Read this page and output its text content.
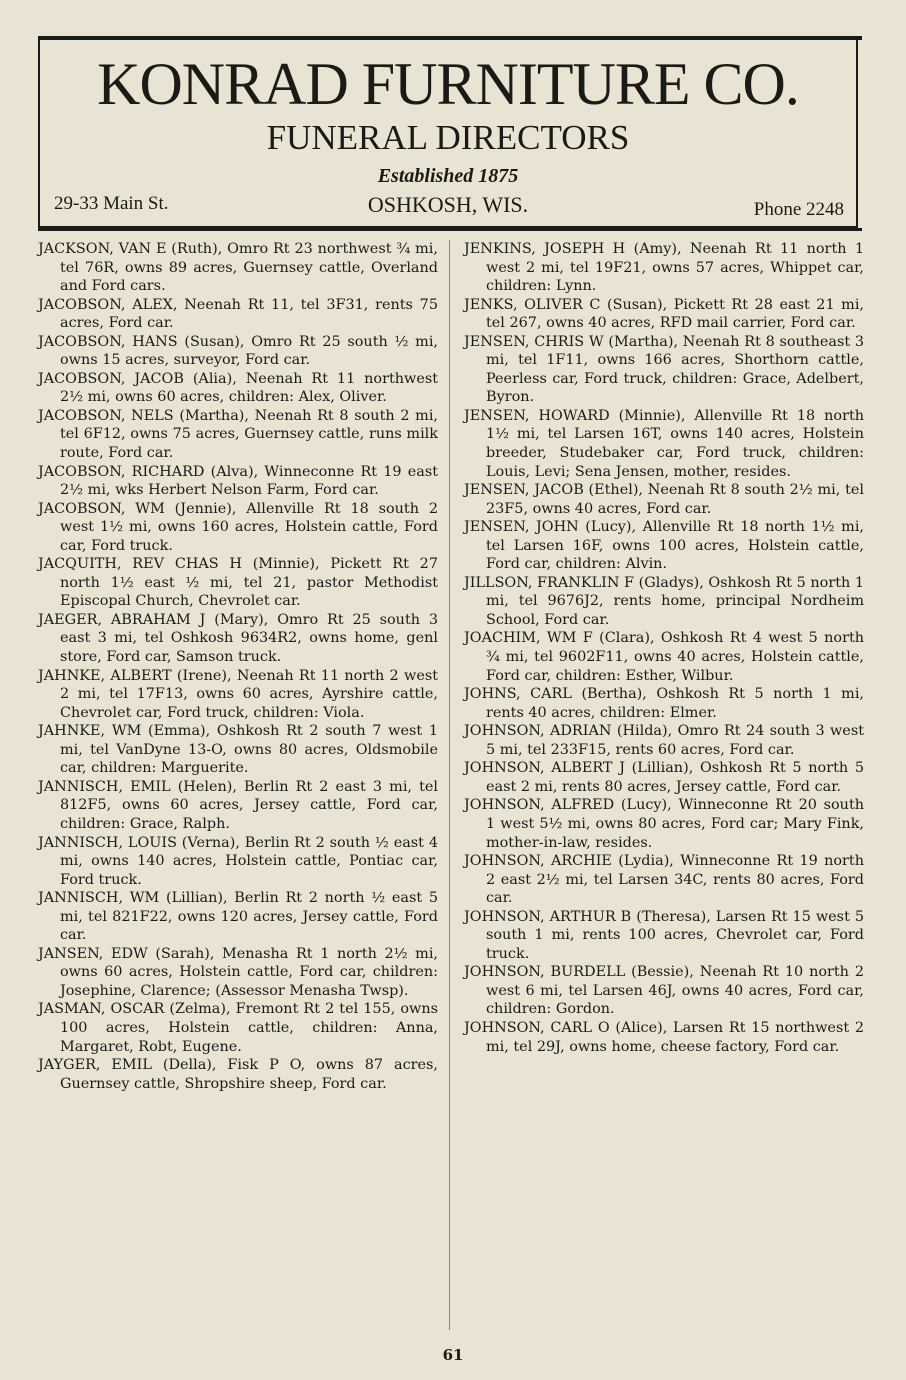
KONRAD FURNITURE CO.
FUNERAL DIRECTORS
Established 1875
OSHKOSH, WIS.
29-33 Main St.	Phone 2248

JACKSON, VAN E (Ruth), Omro Rt 23 northwest ¾ mi, tel 76R, owns 89 acres, Guernsey cattle, Overland and Ford cars.

JACOBSON, ALEX, Neenah Rt 11, tel 3F31, rents 75 acres, Ford car.

JACOBSON, HANS (Susan), Omro Rt 25 south ½ mi, owns 15 acres, surveyor, Ford car.

JACOBSON, JACOB (Alia), Neenah Rt 11 northwest 2½ mi, owns 60 acres, children: Alex, Oliver.

JACOBSON, NELS (Martha), Neenah Rt 8 south 2 mi, tel 6F12, owns 75 acres, Guernsey cattle, runs milk route, Ford car.

JACOBSON, RICHARD (Alva), Winneconne Rt 19 east 2½ mi, wks Herbert Nelson Farm, Ford car.

JACOBSON, WM (Jennie), Allenville Rt 18 south 2 west 1½ mi, owns 160 acres, Holstein cattle, Ford car, Ford truck.

JACQUITH, REV CHAS H (Minnie), Pickett Rt 27 north 1½ east ½ mi, tel 21, pastor Methodist Episcopal Church, Chevrolet car.

JAEGER, ABRAHAM J (Mary), Omro Rt 25 south 3 east 3 mi, tel Oshkosh 9634R2, owns home, genl store, Ford car, Samson truck.

JAHNKE, ALBERT (Irene), Neenah Rt 11 north 2 west 2 mi, tel 17F13, owns 60 acres, Ayrshire cattle, Chevrolet car, Ford truck, children: Viola.

JAHNKE, WM (Emma), Oshkosh Rt 2 south 7 west 1 mi, tel VanDyne 13-O, owns 80 acres, Oldsmobile car, children: Marguerite.

JANNISCH, EMIL (Helen), Berlin Rt 2 east 3 mi, tel 812F5, owns 60 acres, Jersey cattle, Ford car, children: Grace, Ralph.

JANNISCH, LOUIS (Verna), Berlin Rt 2 south ½ east 4 mi, owns 140 acres, Holstein cattle, Pontiac car, Ford truck.

JANNISCH, WM (Lillian), Berlin Rt 2 north ½ east 5 mi, tel 821F22, owns 120 acres, Jersey cattle, Ford car.

JANSEN, EDW (Sarah), Menasha Rt 1 north 2½ mi, owns 60 acres, Holstein cattle, Ford car, children: Josephine, Clarence; (Assessor Menasha Twsp).

JASMAN, OSCAR (Zelma), Fremont Rt 2 tel 155, owns 100 acres, Holstein cattle, children: Anna, Margaret, Robt, Eugene.

JAYGER, EMIL (Della), Fisk P O, owns 87 acres, Guernsey cattle, Shropshire sheep, Ford car.

JENKINS, JOSEPH H (Amy), Neenah Rt 11 north 1 west 2 mi, tel 19F21, owns 57 acres, Whippet car, children: Lynn.

JENKS, OLIVER C (Susan), Pickett Rt 28 east 21 mi, tel 267, owns 40 acres, RFD mail carrier, Ford car.

JENSEN, CHRIS W (Martha), Neenah Rt 8 southeast 3 mi, tel 1F11, owns 166 acres, Shorthorn cattle, Peerless car, Ford truck, children: Grace, Adelbert, Byron.

JENSEN, HOWARD (Minnie), Allenville Rt 18 north 1½ mi, tel Larsen 16T, owns 140 acres, Holstein breeder, Studebaker car, Ford truck, children: Louis, Levi; Sena Jensen, mother, resides.

JENSEN, JACOB (Ethel), Neenah Rt 8 south 2½ mi, tel 23F5, owns 40 acres, Ford car.

JENSEN, JOHN (Lucy), Allenville Rt 18 north 1½ mi, tel Larsen 16F, owns 100 acres, Holstein cattle, Ford car, children: Alvin.

JILLSON, FRANKLIN F (Gladys), Oshkosh Rt 5 north 1 mi, tel 9676J2, rents home, principal Nordheim School, Ford car.

JOACHIM, WM F (Clara), Oshkosh Rt 4 west 5 north ¾ mi, tel 9602F11, owns 40 acres, Holstein cattle, Ford car, children: Esther, Wilbur.

JOHNS, CARL (Bertha), Oshkosh Rt 5 north 1 mi, rents 40 acres, children: Elmer.

JOHNSON, ADRIAN (Hilda), Omro Rt 24 south 3 west 5 mi, tel 233F15, rents 60 acres, Ford car.

JOHNSON, ALBERT J (Lillian), Oshkosh Rt 5 north 5 east 2 mi, rents 80 acres, Jersey cattle, Ford car.

JOHNSON, ALFRED (Lucy), Winneconne Rt 20 south 1 west 5½ mi, owns 80 acres, Ford car; Mary Fink, mother-in-law, resides.

JOHNSON, ARCHIE (Lydia), Winneconne Rt 19 north 2 east 2½ mi, tel Larsen 34C, rents 80 acres, Ford car.

JOHNSON, ARTHUR B (Theresa), Larsen Rt 15 west 5 south 1 mi, rents 100 acres, Chevrolet car, Ford truck.

JOHNSON, BURDELL (Bessie), Neenah Rt 10 north 2 west 6 mi, tel Larsen 46J, owns 40 acres, Ford car, children: Gordon.

JOHNSON, CARL O (Alice), Larsen Rt 15 northwest 2 mi, tel 29J, owns home, cheese factory, Ford car.

61
